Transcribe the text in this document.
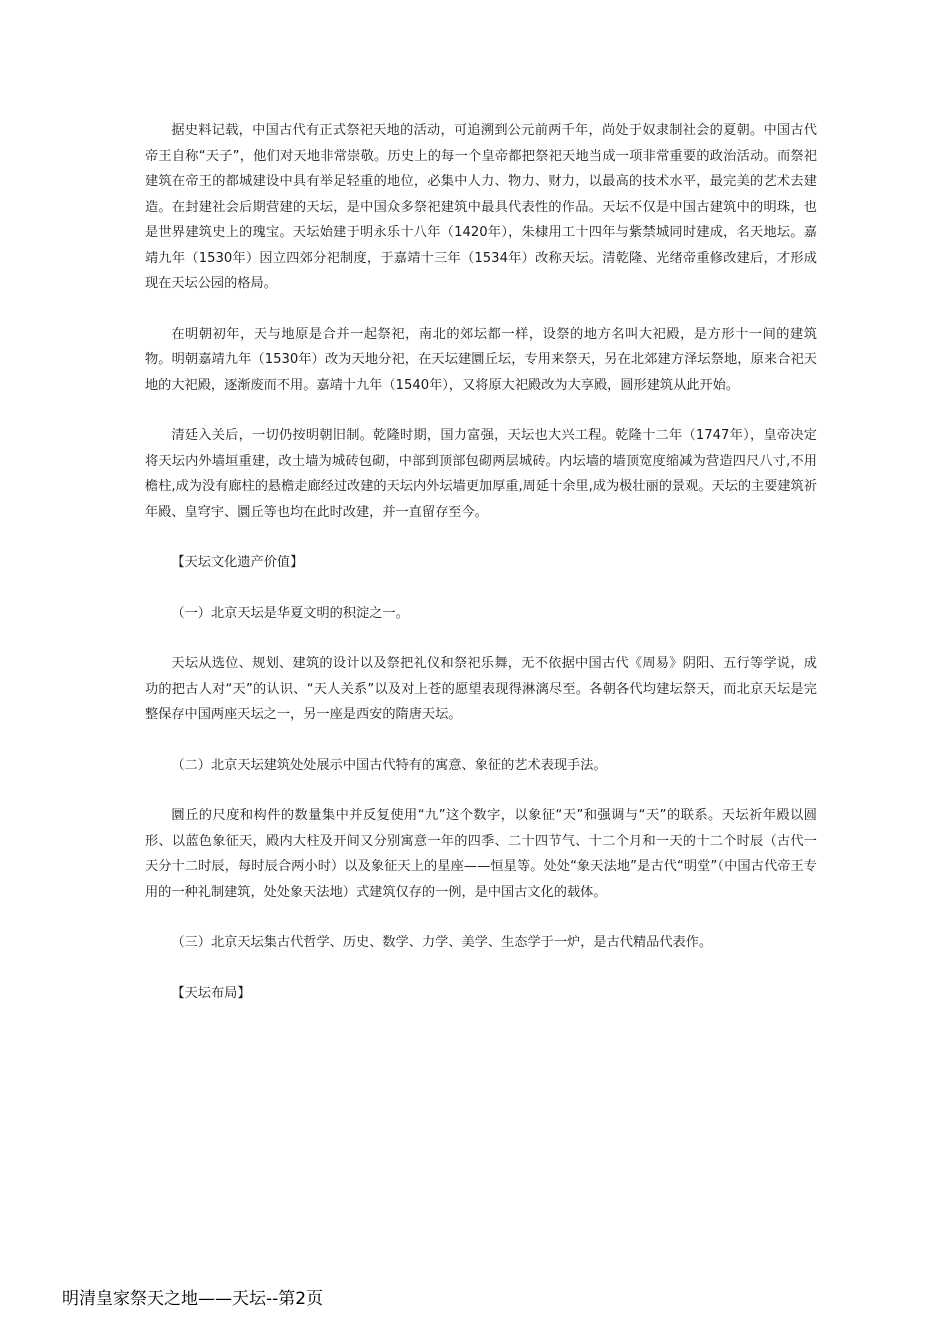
据史料记载，中国古代有正式祭祀天地的活动，可追溯到公元前两千年，尚处于奴隶制社会的夏朝。中国古代帝王自称“天子”，他们对天地非常崇敬。历史上的每一个皇帝都把祭祀天地当成一项非常重要的政治活动。而祭祀建筑在帝王的都城建设中具有举足轻重的地位，必集中人力、物力、财力，以最高的技术水平，最完美的艺术去建造。在封建社会后期营建的天坛，是中国众多祭祀建筑中最具代表性的作品。天坛不仅是中国古建筑中的明珠，也是世界建筑史上的瑰宝。天坛始建于明永乐十八年（1420年），朱棣用工十四年与紫禁城同时建成，名天地坛。嘉靖九年（1530年）因立四郊分祀制度，于嘉靖十三年（1534年）改称天坛。清乾隆、光绪帝重修改建后，才形成现在天坛公园的格局。

在明朝初年，天与地原是合并一起祭祀，南北的郊坛都一样，设祭的地方名叫大祀殿，是方形十一间的建筑物。明朝嘉靖九年（1530年）改为天地分祀，在天坛建圜丘坛，专用来祭天，另在北郊建方泽坛祭地，原来合祀天地的大祀殿，逐渐废而不用。嘉靖十九年（1540年），又将原大祀殿改为大享殿，圆形建筑从此开始。

清廷入关后，一切仍按明朝旧制。乾隆时期，国力富强，天坛也大兴工程。乾隆十二年（1747年），皇帝决定将天坛内外墙垣重建，改土墙为城砖包砌，中部到顶部包砌两层城砖。内坛墙的墙顶宽度缩减为营造四尺八寸,不用檐柱,成为没有廊柱的悬檐走廊经过改建的天坛内外坛墙更加厚重,周延十余里,成为极壮丽的景观。天坛的主要建筑祈年殿、皇穹宇、圜丘等也均在此时改建，并一直留存至今。

【天坛文化遗产价值】

（一）北京天坛是华夏文明的积淀之一。

天坛从选位、规划、建筑的设计以及祭把礼仪和祭祀乐舞，无不依据中国古代《周易》阴阳、五行等学说，成功的把古人对“天”的认识、“天人关系”以及对上苍的愿望表现得淋漓尽至。各朝各代均建坛祭天，而北京天坛是完整保存中国两座天坛之一，另一座是西安的隋唐天坛。

（二）北京天坛建筑处处展示中国古代特有的寓意、象征的艺术表现手法。

圜丘的尺度和构件的数量集中并反复使用“九”这个数字，以象征“天”和强调与“天”的联系。天坛祈年殿以圆形、以蓝色象征天，殿内大柱及开间又分别寓意一年的四季、二十四节气、十二个月和一天的十二个时辰（古代一天分十二时辰，每时辰合两小时）以及象征天上的星座——恒星等。处处“象天法地”是古代“明堂”（中国古代帝王专用的一种礼制建筑，处处象天法地）式建筑仅存的一例，是中国古文化的载体。

（三）北京天坛集古代哲学、历史、数学、力学、美学、生态学于一炉，是古代精品代表作。

【天坛布局】

明清皇家祭天之地——天坛--第2页
